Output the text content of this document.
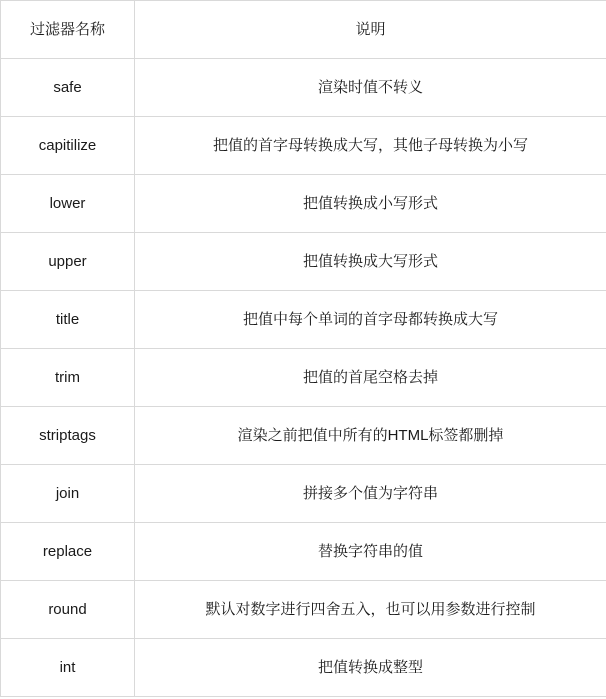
过滤器名称	说明
safe	渲染时值不转义
capitilize	把值的首字母转换成大写，其他子母转换为小写
lower	把值转换成小写形式
upper	把值转换成大写形式
title	把值中每个单词的首字母都转换成大写
trim	把值的首尾空格去掉
striptags	渲染之前把值中所有的HTML标签都删掉
join	拼接多个值为字符串
replace	替换字符串的值
round	默认对数字进行四舍五入，也可以用参数进行控制
int	把值转换成整型
